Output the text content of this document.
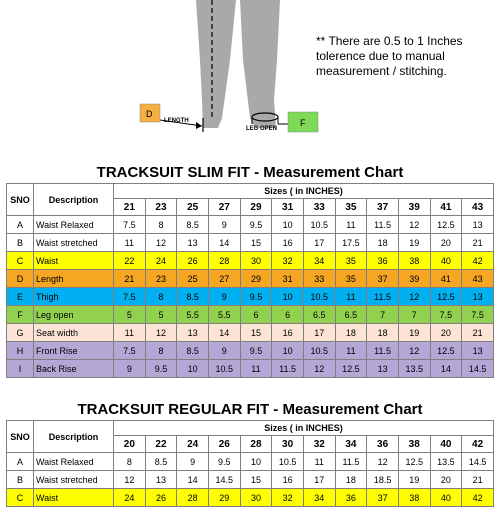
D
LENGTH
LEG OPEN
F
** There are 0.5 to 1 Inches tolerence due to manual measurement / stitching.
TRACKSUIT SLIM FIT - Measurement Chart
SNO	Description	Sizes ( in INCHES)											
		21	23	25	27	29	31	33	35	37	39	41	43
A	Waist Relaxed	7.5	8	8.5	9	9.5	10	10.5	11	11.5	12	12.5	13
B	Waist stretched	11	12	13	14	15	16	17	17.5	18	19	20	21
C	Waist	22	24	26	28	30	32	34	35	36	38	40	42
D	Length	21	23	25	27	29	31	33	35	37	39	41	43
E	Thigh	7.5	8	8.5	9	9.5	10	10.5	11	11.5	12	12.5	13
F	Leg open	5	5	5.5	5.5	6	6	6.5	6.5	7	7	7.5	7.5
G	Seat width	11	12	13	14	15	16	17	18	18	19	20	21
H	Front Rise	7.5	8	8.5	9	9.5	10	10.5	11	11.5	12	12.5	13
I	Back Rise	9	9.5	10	10.5	11	11.5	12	12.5	13	13.5	14	14.5
TRACKSUIT REGULAR FIT - Measurement Chart
SNO	Description	Sizes ( in INCHES)											
		20	22	24	26	28	30	32	34	36	38	40	42
A	Waist Relaxed	8	8.5	9	9.5	10	10.5	11	11.5	12	12.5	13.5	14.5
B	Waist stretched	12	13	14	14.5	15	16	17	18	18.5	19	20	21
C	Waist	24	26	28	29	30	32	34	36	37	38	40	42
